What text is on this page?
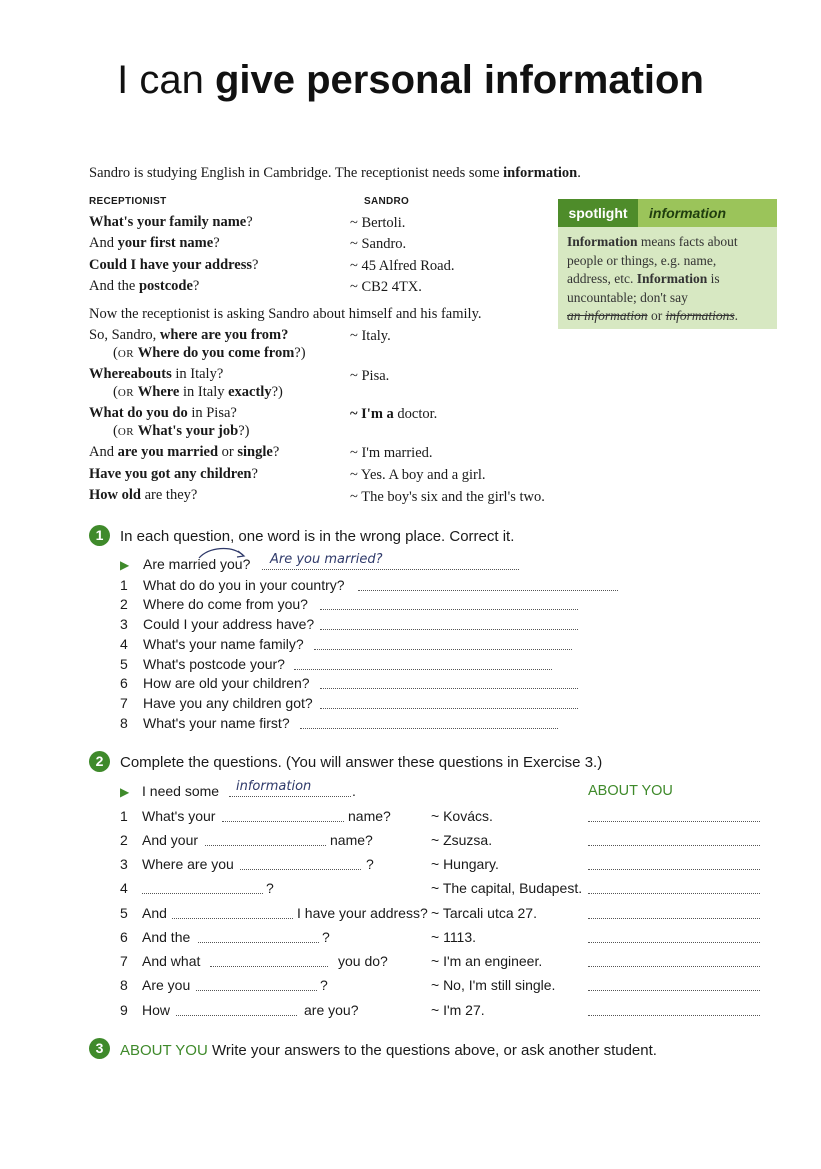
I can give personal information
Sandro is studying English in Cambridge. The receptionist needs some information.
RECEPTIONIST	SANDRO
What's your family name?	~ Bertoli.
And your first name?	~ Sandro.
Could I have your address?	~ 45 Alfred Road.
And the postcode?	~ CB2 4TX.
Now the receptionist is asking Sandro about himself and his family.
So, Sandro, where are you from?	~ Italy.
(OR Where do you come from?)
Whereabouts in Italy?	~ Pisa.
(OR Where in Italy exactly?)
What do you do in Pisa?	~ I'm a doctor.
(OR What's your job?)
And are you married or single?	~ I'm married.
Have you got any children?	~ Yes. A boy and a girl.
How old are they?	~ The boy's six and the girl's two.
spotlight	information
Information means facts about
people or things, e.g. name,
address, etc. Information is
uncountable; don't say
an information or informations.
1	In each question, one word is in the wrong place. Correct it.
▶ Are married you? Are you married?
1 What do do you in your country?
2 Where do come from you?
3 Could I your address have?
4 What's your name family?
5 What's postcode your?
6 How are old your children?
7 Have you any children got?
8 What's your name first?
2	Complete the questions. (You will answer these questions in Exercise 3.)
▶ I need some information	.	ABOUT YOU
1 What's your	name?	~ Kovács.
2 And your	name?	~ Zsuzsa.
3 Where are you	?	~ Hungary.
4	?	~ The capital, Budapest.
5 And	I have your address? ~ Tarcali utca 27.
6 And the	?	~ 1113.
7 And what	you do?	~ I'm an engineer.
8 Are you	?	~ No, I'm still single.
9 How	are you?	~ I'm 27.
3	ABOUT YOU Write your answers to the questions above, or ask another student.
